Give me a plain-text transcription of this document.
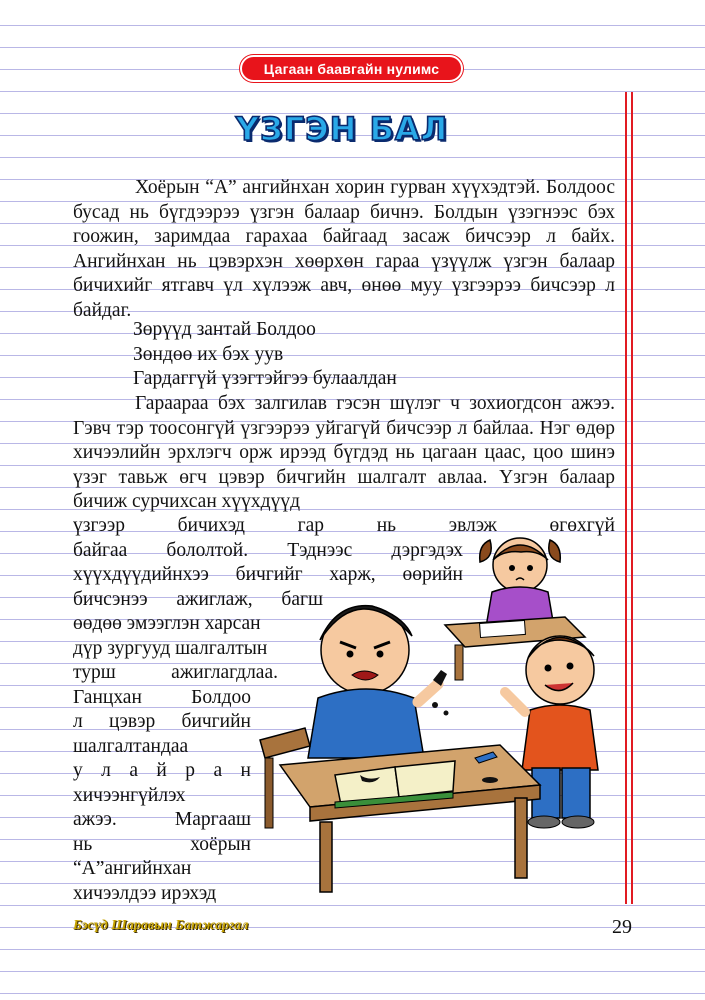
Цагаан баавгайн нулимс
ҮЗГЭН БАЛ

Хоёрын “А” ангийнхан хорин гурван хүүхэдтэй. Болдоос бусад нь бүгдээрээ үзгэн балаар бичнэ. Болдын үзэгнээс бэх гоожин, заримдаа гарахаа байгаад засаж бичсээр л байх. Ангийнхан нь цэвэрхэн хөөрхөн гараа үзүүлж үзгэн балаар бичихийг ятгавч үл хүлээж авч, өнөө муу үзгээрээ бичсээр л байдаг.

Зөрүүд зантай Болдоо
Зөндөө их бэх уув
Гардаггүй үзэгтэйгээ булаалдан

Гараараа бэх залгилав гэсэн шүлэг ч зохиогдсон ажээ. Гэвч тэр тоосонгүй үзгээрээ уйгагүй бичсээр л байлаа. Нэг өдөр хичээлийн эрхлэгч орж ирээд бүгдэд нь цагаан цаас, цоо шинэ үзэг тавьж өгч цэвэр бичгийн шалгалт авлаа. Үзгэн балаар бичиж сурчихсан хүүхдүүд

үзгээр бичихэд гар нь эвлэж өгөхгүй
байгаа бололтой. Тэднээс дэргэдэх
хүүхдүүдийнхээ бичгийг харж, өөрийн
бичсэнээ ажиглаж, багш
өөдөө эмээглэн харсан
дүр зургууд шалгалтын
турш ажиглагдлаа.
Ганцхан Болдоо
л цэвэр бичгийн
шалгалтандаа
у л а й р а н
хичээнгүйлэх
ажээ. Маргааш
нь хоёрын
“А”ангийнхан
хичээлдээ ирэхэд
Бэсүд Шаравын Батжаргал	29
